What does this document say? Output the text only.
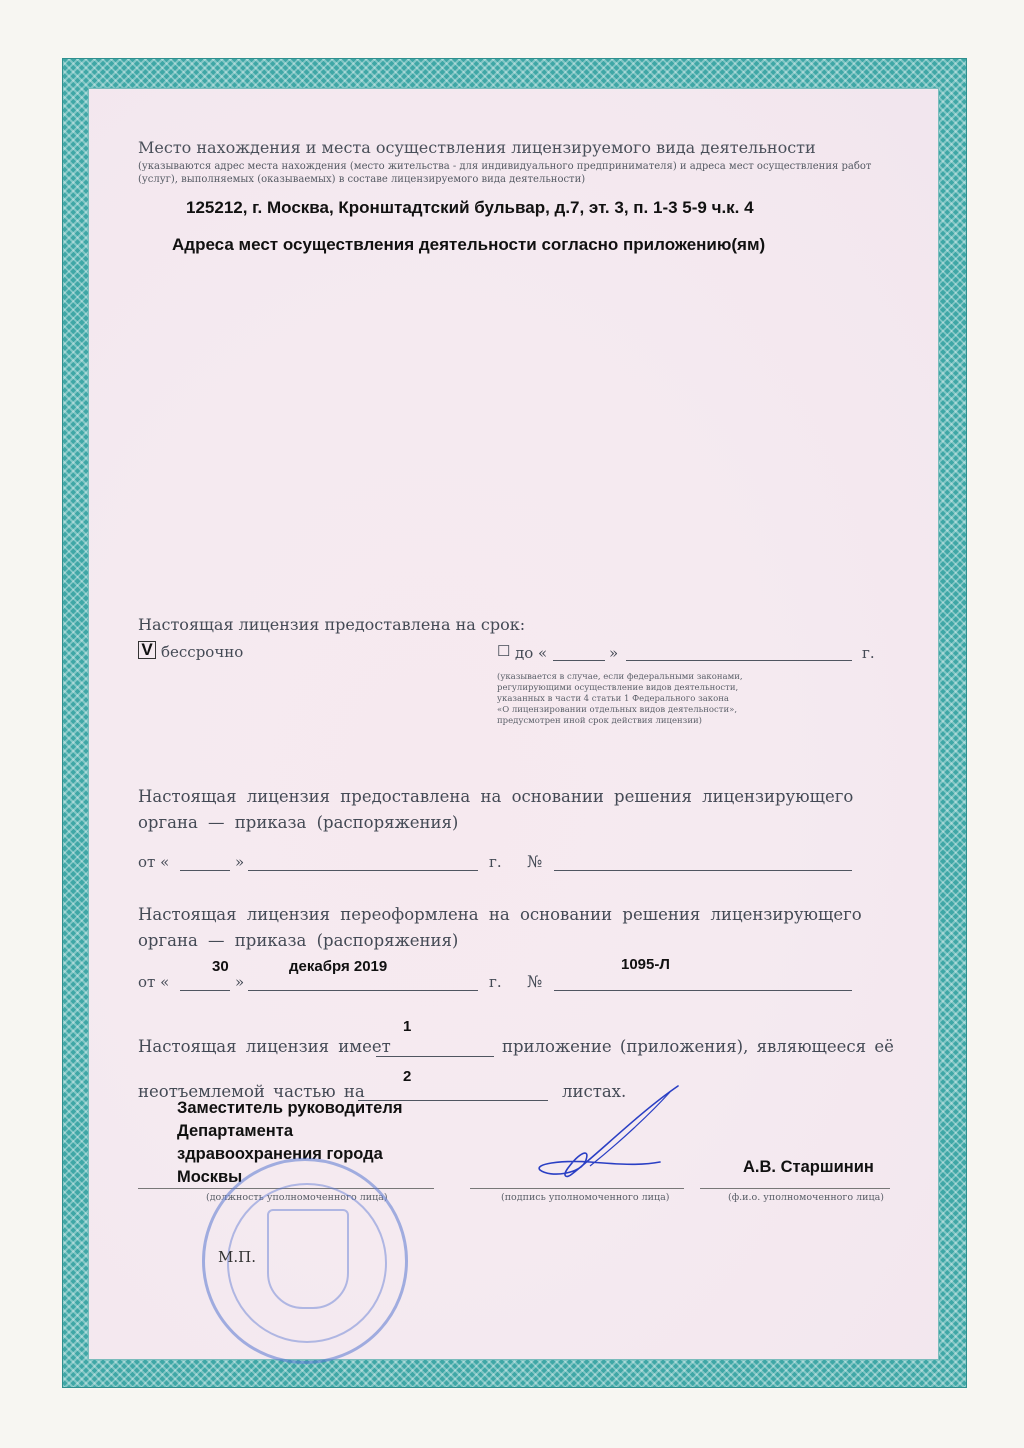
Место нахождения и места осуществления лицензируемого вида деятельности
(указываются адрес места нахождения (место жительства - для индивидуального предпринимателя) и адреса мест осуществления работ (услуг), выполняемых (оказываемых) в составе лицензируемого вида деятельности)
125212, г. Москва, Кронштадтский бульвар, д.7, эт. 3, п. 1-3 5-9 ч.к. 4
Адреса мест осуществления деятельности согласно приложению(ям)
Настоящая лицензия предоставлена на срок:
V бессрочно	☐ до «	»	г.
(указывается в случае, если федеральными законами, регулирующими осуществление видов деятельности, указанных в части 4 статьи 1 Федерального закона «О лицензировании отдельных видов деятельности», предусмотрен иной срок действия лицензии)
Настоящая лицензия предоставлена на основании решения лицензирующего органа — приказа (распоряжения)
от «	»	г. №
Настоящая лицензия переоформлена на основании решения лицензирующего органа — приказа (распоряжения)
30	декабря 2019	1095-Л
от «	»	г. №
Настоящая лицензия имеет
1
приложение (приложения), являющееся её
неотъемлемой частью на
2
листах.
Заместитель руководителя Департамента здравоохранения города Москвы
А.В. Старшинин
(должность уполномоченного лица)	(подпись уполномоченного лица)	(ф.и.о. уполномоченного лица)
М.П.
